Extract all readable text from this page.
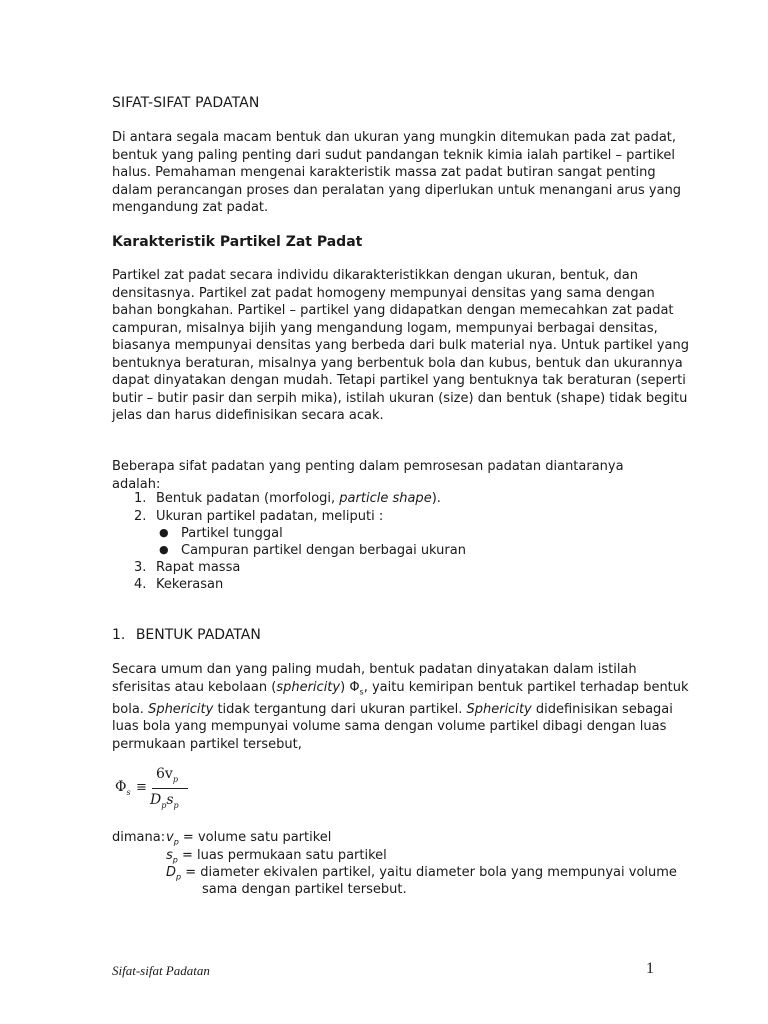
SIFAT-SIFAT PADATAN
Di antara segala macam bentuk dan ukuran yang mungkin ditemukan pada zat padat,
bentuk yang paling penting dari sudut pandangan teknik kimia ialah partikel – partikel
halus. Pemahaman mengenai karakteristik massa zat padat butiran sangat penting
dalam perancangan proses dan peralatan yang diperlukan untuk menangani arus yang
mengandung zat padat.
Karakteristik Partikel Zat Padat
Partikel zat padat secara individu dikarakteristikkan dengan ukuran, bentuk, dan
densitasnya. Partikel zat padat homogeny mempunyai densitas yang sama dengan
bahan bongkahan. Partikel – partikel yang didapatkan dengan memecahkan zat padat
campuran, misalnya bijih yang mengandung logam, mempunyai berbagai densitas,
biasanya mempunyai densitas yang berbeda dari bulk material nya. Untuk partikel yang
bentuknya beraturan, misalnya yang berbentuk bola dan kubus, bentuk dan ukurannya
dapat dinyatakan dengan mudah. Tetapi partikel yang bentuknya tak beraturan (seperti
butir – butir pasir dan serpih mika), istilah ukuran (size) dan bentuk (shape) tidak begitu
jelas dan harus didefinisikan secara acak.
Beberapa sifat padatan yang penting dalam pemrosesan padatan diantaranya adalah:
1. Bentuk padatan (morfologi, particle shape).
2. Ukuran partikel padatan, meliputi :
● Partikel tunggal
● Campuran partikel dengan berbagai ukuran
3. Rapat massa
4. Kekerasan
1. BENTUK PADATAN
Secara umum dan yang paling mudah, bentuk padatan dinyatakan dalam istilah
sferisitas atau kebolaan (sphericity) $\Phi_s$, yaitu kemiripan bentuk partikel terhadap bentuk
bola. Sphericity tidak tergantung dari ukuran partikel. Sphericity didefinisikan sebagai
luas bola yang mempunyai volume sama dengan volume partikel dibagi dengan luas
permukaan partikel tersebut,
$\Phi_s$ ≡
$6v_p$
$D_ps_p$
dimana: $v_p$ = volume satu partikel
$s_p$ = luas permukaan satu partikel
$D_p$ = diameter ekivalen partikel, yaitu diameter bola yang mempunyai volume
sama dengan partikel tersebut.
Sifat-sifat Padatan	1
